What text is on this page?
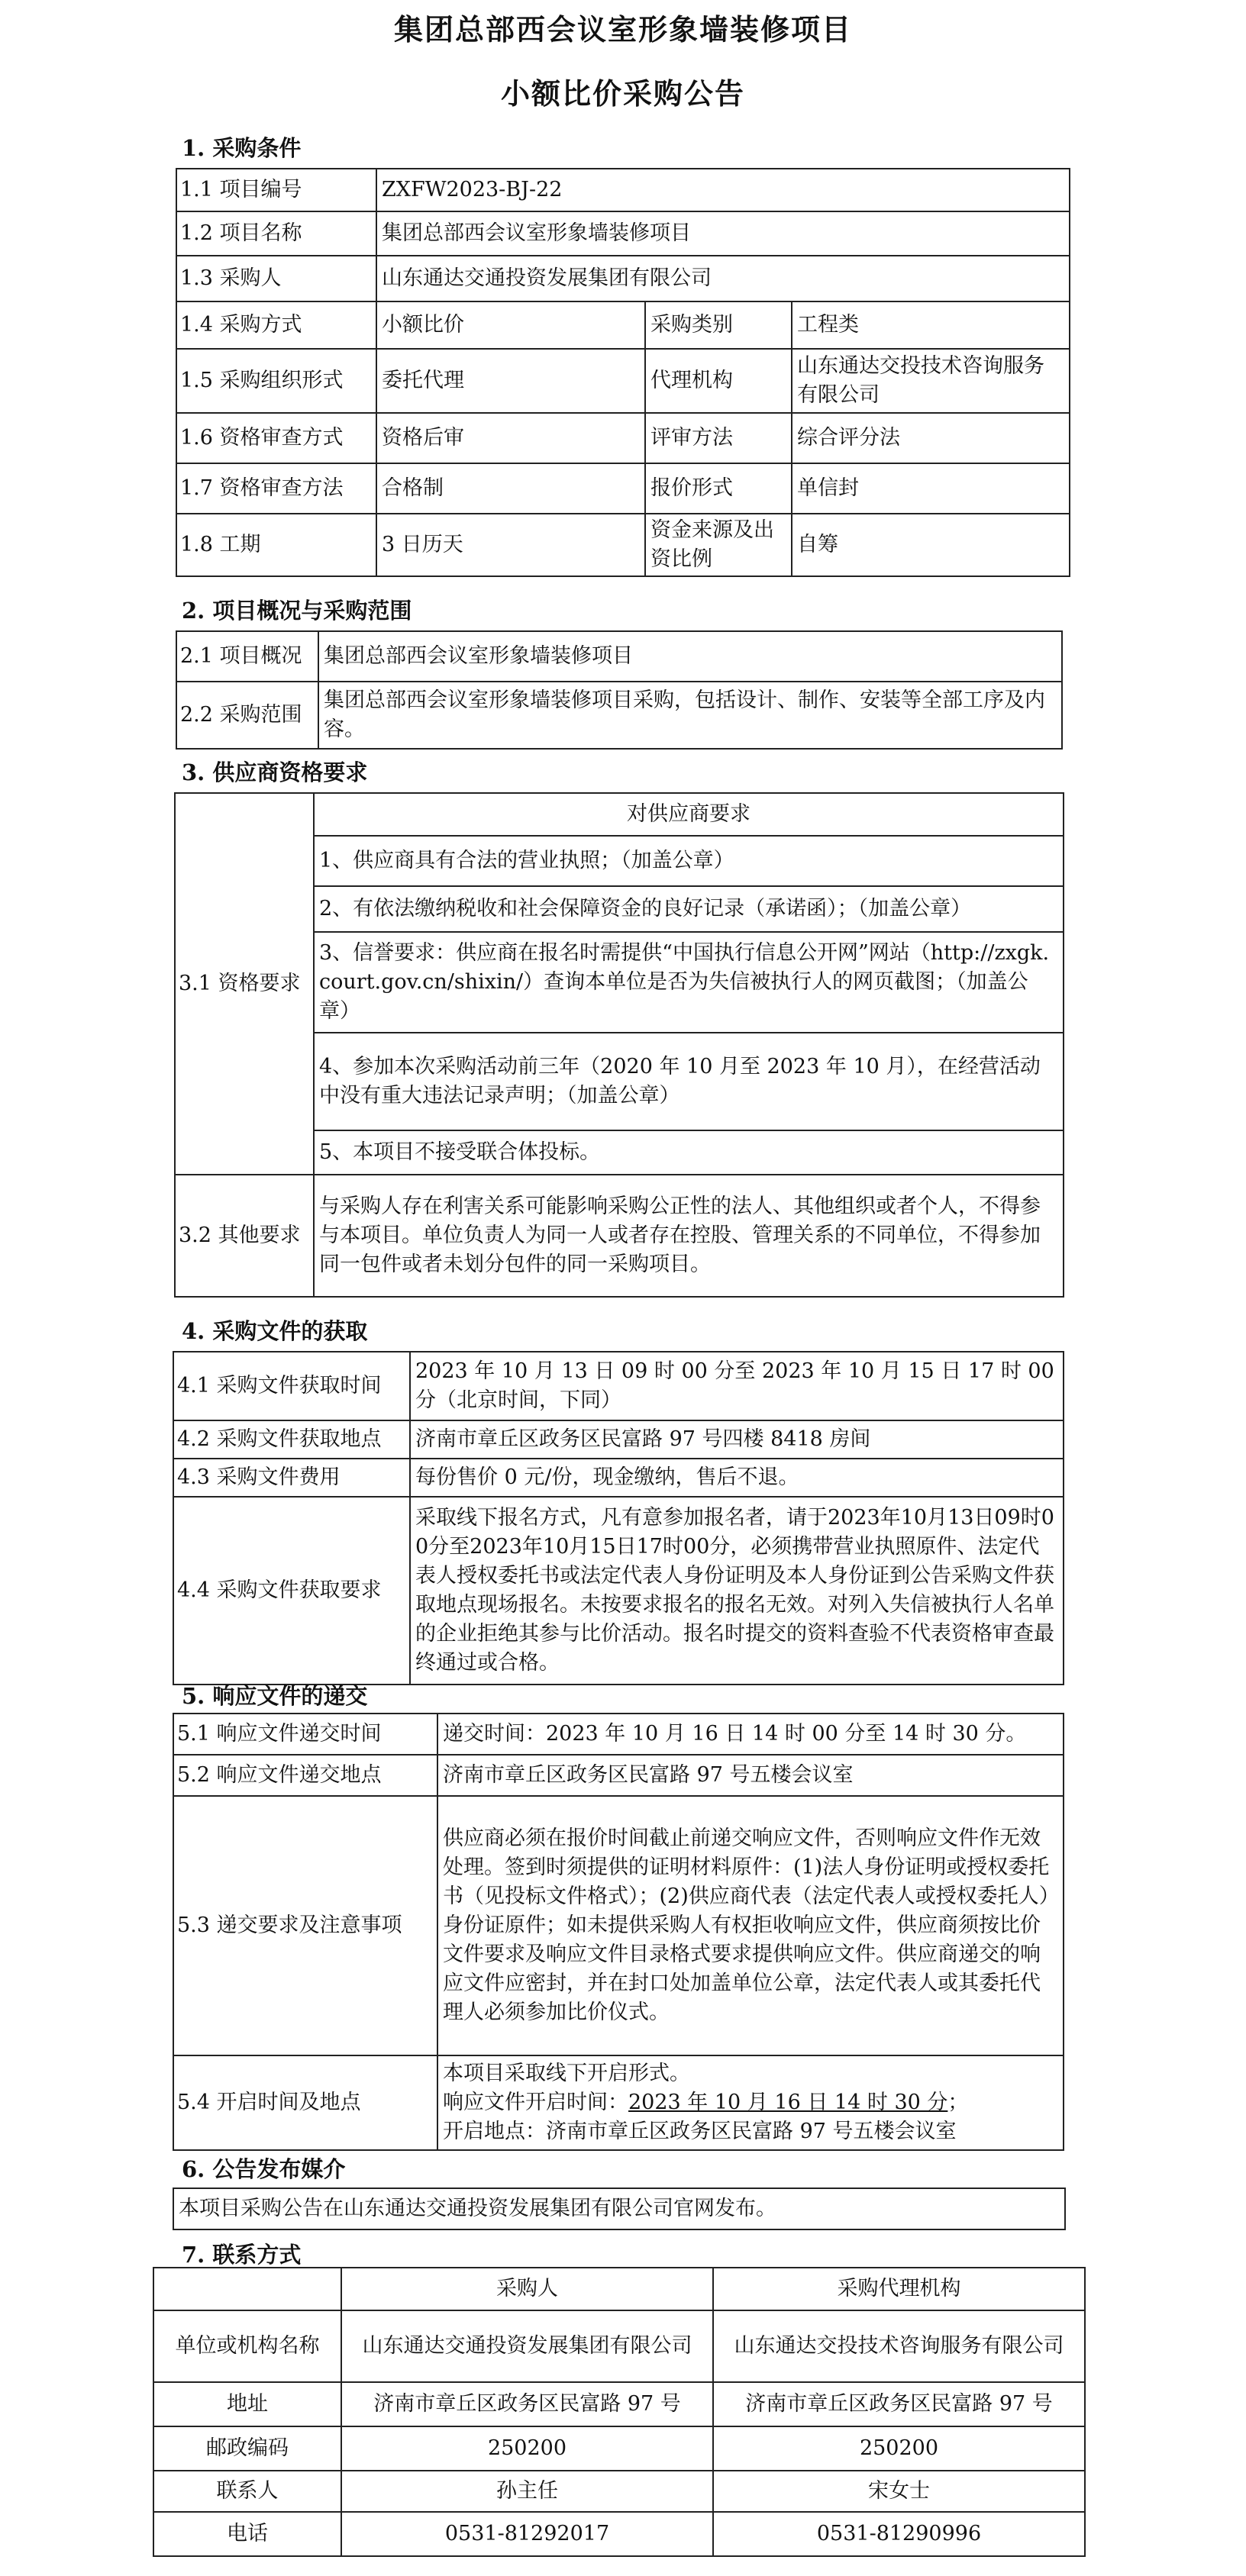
集团总部西会议室形象墙装修项目
小额比价采购公告
1. 采购条件
1.1 项目编号	ZXFW2023-BJ-22		
1.2 项目名称	集团总部西会议室形象墙装修项目		
1.3 采购人	山东通达交通投资发展集团有限公司		
1.4 采购方式	小额比价	采购类别	工程类
1.5 采购组织形式	委托代理	代理机构	山东通达交投技术咨询服务有限公司
1.6 资格审查方式	资格后审	评审方法	综合评分法
1.7 资格审查方法	合格制	报价形式	单信封
1.8 工期	3 日历天	资金来源及出资比例	自筹
2. 项目概况与采购范围
2.1 项目概况	集团总部西会议室形象墙装修项目
2.2 采购范围	集团总部西会议室形象墙装修项目采购，包括设计、制作、安装等全部工序及内容。
3. 供应商资格要求
3.1 资格要求	对供应商要求
	1、供应商具有合法的营业执照；（加盖公章）
	2、有依法缴纳税收和社会保障资金的良好记录（承诺函）；（加盖公章）
	3、信誉要求：供应商在报名时需提供“中国执行信息公开网”网站（http://zxgk.court.gov.cn/shixin/）查询本单位是否为失信被执行人的网页截图；（加盖公章）
	4、参加本次采购活动前三年（2020 年 10 月至 2023 年 10 月），在经营活动中没有重大违法记录声明；（加盖公章）
	5、本项目不接受联合体投标。
3.2 其他要求	与采购人存在利害关系可能影响采购公正性的法人、其他组织或者个人，不得参与本项目。单位负责人为同一人或者存在控股、管理关系的不同单位，不得参加同一包件或者未划分包件的同一采购项目。
4. 采购文件的获取
4.1 采购文件获取时间	2023 年 10 月 13 日 09 时 00 分至 2023 年 10 月 15 日 17 时 00 分（北京时间，下同）
4.2 采购文件获取地点	济南市章丘区政务区民富路 97 号四楼 8418 房间
4.3 采购文件费用	每份售价 0 元/份，现金缴纳，售后不退。
4.4 采购文件获取要求	采取线下报名方式，凡有意参加报名者，请于2023年10月13日09时00分至2023年10月15日17时00分，必须携带营业执照原件、法定代表人授权委托书或法定代表人身份证明及本人身份证到公告采购文件获取地点现场报名。未按要求报名的报名无效。对列入失信被执行人名单的企业拒绝其参与比价活动。报名时提交的资料查验不代表资格审查最终通过或合格。
5. 响应文件的递交
5.1 响应文件递交时间	递交时间：2023 年 10 月 16 日 14 时 00 分至 14 时 30 分。
5.2 响应文件递交地点	济南市章丘区政务区民富路 97 号五楼会议室
5.3 递交要求及注意事项	供应商必须在报价时间截止前递交响应文件，否则响应文件作无效处理。签到时须提供的证明材料原件：(1)法人身份证明或授权委托书（见投标文件格式）；(2)供应商代表（法定代表人或授权委托人）身份证原件；如未提供采购人有权拒收响应文件，供应商须按比价文件要求及响应文件目录格式要求提供响应文件。供应商递交的响应文件应密封，并在封口处加盖单位公章，法定代表人或其委托代理人必须参加比价仪式。
5.4 开启时间及地点	本项目采取线下开启形式。
响应文件开启时间：2023 年 10 月 16 日 14 时 30 分；
开启地点：济南市章丘区政务区民富路 97 号五楼会议室
6. 公告发布媒介
本项目采购公告在山东通达交通投资发展集团有限公司官网发布。
7. 联系方式
	采购人	采购代理机构
单位或机构名称	山东通达交通投资发展集团有限公司	山东通达交投技术咨询服务有限公司
地址	济南市章丘区政务区民富路 97 号	济南市章丘区政务区民富路 97 号
邮政编码	250200	250200
联系人	孙主任	宋女士
电话	0531-81292017	0531-81290996
